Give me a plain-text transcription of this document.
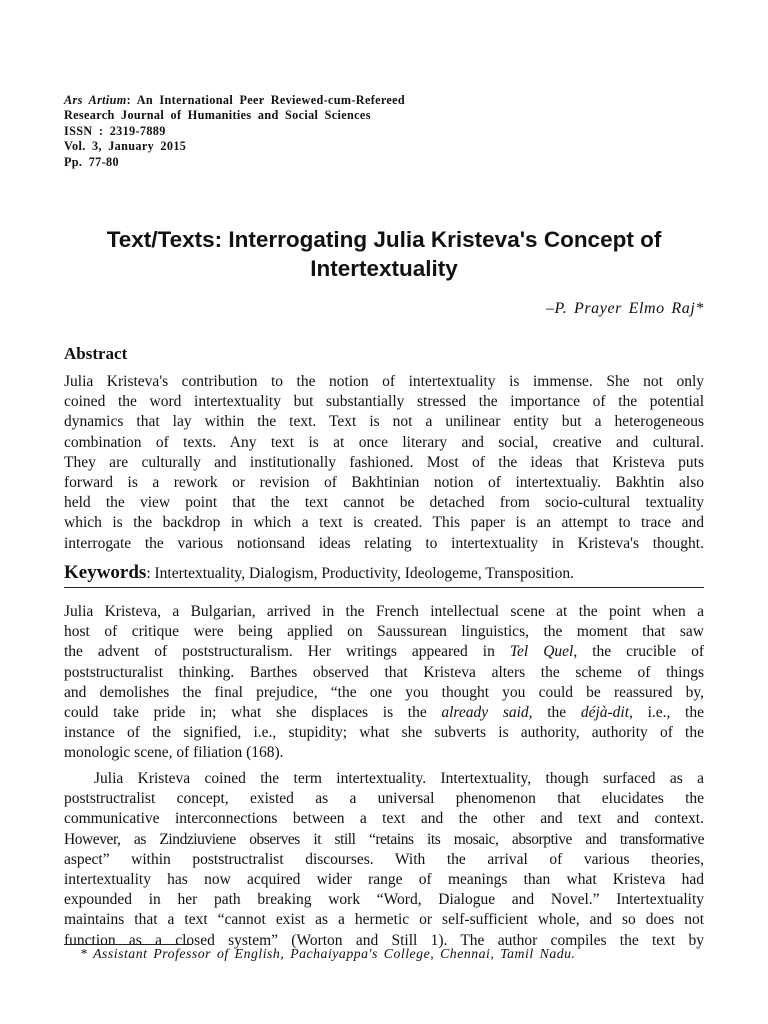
Ars Artium: An International Peer Reviewed-cum-Refereed
Research Journal of Humanities and Social Sciences
ISSN : 2319-7889
Vol. 3, January 2015
Pp. 77-80
Text/Texts: Interrogating Julia Kristeva's Concept of Intertextuality
–P. Prayer Elmo Raj*
Abstract
Julia Kristeva's contribution to the notion of intertextuality is immense. She not only
coined the word intertextuality but substantially stressed the importance of the potential
dynamics that lay within the text. Text is not a unilinear entity but a heterogeneous
combination of texts. Any text is at once literary and social, creative and cultural.
They are culturally and institutionally fashioned. Most of the ideas that Kristeva puts
forward is a rework or revision of Bakhtinian notion of intertextualiy. Bakhtin also
held the view point that the text cannot be detached from socio-cultural textuality
which is the backdrop in which a text is created. This paper is an attempt to trace and
interrogate the various notionsand ideas relating to intertextuality in Kristeva's thought.
Keywords: Intertextuality, Dialogism, Productivity, Ideologeme, Transposition.
Julia Kristeva, a Bulgarian, arrived in the French intellectual scene at the point when a
host of critique were being applied on Saussurean linguistics, the moment that saw
the advent of poststructuralism. Her writings appeared in Tel Quel, the crucible of
poststructuralist thinking. Barthes observed that Kristeva alters the scheme of things
and demolishes the final prejudice, “the one you thought you could be reassured by,
could take pride in; what she displaces is the already said, the déjà-dit, i.e., the
instance of the signified, i.e., stupidity; what she subverts is authority, authority of the
monologic scene, of filiation (168).
Julia Kristeva coined the term intertextuality. Intertextuality, though surfaced as a
poststructralist concept, existed as a universal phenomenon that elucidates the
communicative interconnections between a text and the other and text and context.
However, as Zindziuviene observes it still “retains its mosaic, absorptive and transformative
aspect” within poststructralist discourses. With the arrival of various theories,
intertextuality has now acquired wider range of meanings than what Kristeva had
expounded in her path breaking work “Word, Dialogue and Novel.” Intertextuality
maintains that a text “cannot exist as a hermetic or self-sufficient whole, and so does not
function as a closed system” (Worton and Still 1). The author compiles the text by
* Assistant Professor of English, Pachaiyappa's College, Chennai, Tamil Nadu.
